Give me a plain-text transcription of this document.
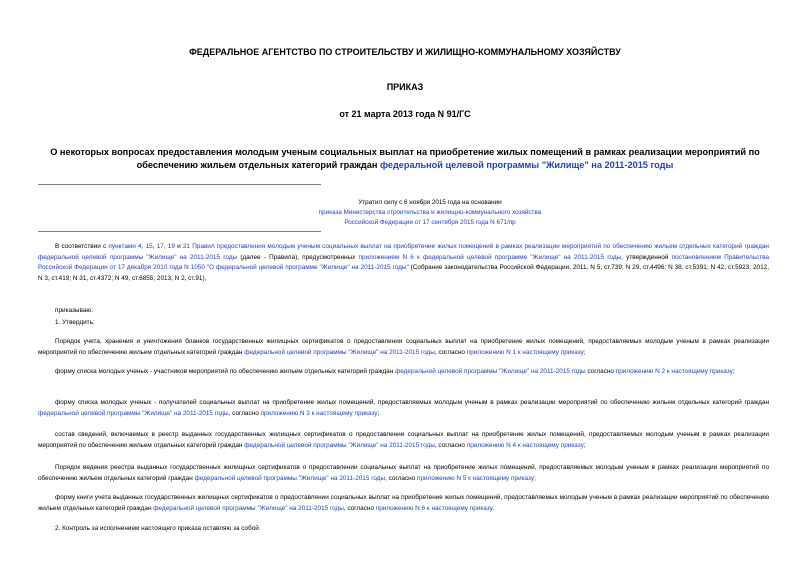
ФЕДЕРАЛЬНОЕ АГЕНТСТВО ПО СТРОИТЕЛЬСТВУ И ЖИЛИЩНО-КОММУНАЛЬНОМУ ХОЗЯЙСТВУ
ПРИКАЗ
от 21 марта 2013 года N 91/ГС
О некоторых вопросах предоставления молодым ученым социальных выплат на приобретение жилых помещений в рамках реализации мероприятий по обеспечению жильем отдельных категорий граждан федеральной целевой программы "Жилище" на 2011-2015 годы
Утратил силу с 6 ноября 2015 года на основании
приказа Министерства строительства и жилищно-коммунального хозяйства
Российской Федерации от 17 сентября 2015 года N 671/пр
В соответствии с пунктами 4, 15, 17, 19 и 21 Правил предоставления молодым ученым социальных выплат на приобретение жилых помещений в рамках реализации мероприятий по обеспечению жильем отдельных категорий граждан федеральной целевой программы "Жилище" на 2011-2015 годы (далее - Правила), предусмотренных приложением N 6 к федеральной целевой программе "Жилище" на 2011-2015 годы, утвержденной постановлением Правительства Российской Федерации от 17 декабря 2010 года N 1050 "О федеральной целевой программе "Жилище" на 2011-2015 годы" (Собрание законодательства Российской Федерации, 2011, N 5, ст.739; N 29, ст.4496; N 38, ст.5391; N 42, ст.5923; 2012, N 3, ст.419; N 31, ст.4372; N 49, ст.6855; 2013, N 2, ст.91),
приказываю:
1. Утвердить:
Порядок учета, хранения и уничтожения бланков государственных жилищных сертификатов о предоставлении социальных выплат на приобретение жилых помещений, предоставляемых молодым ученым в рамках реализации мероприятий по обеспечению жильем отдельных категорий граждан федеральной целевой программы "Жилище" на 2011-2015 годы, согласно приложению N 1 к настоящему приказу;
форму списка молодых ученых - участников мероприятий по обеспечению жильем отдельных категорий граждан федеральной целевой программы "Жилище" на 2011-2015 годы согласно приложению N 2 к настоящему приказу;
форму списка молодых ученых - получателей социальных выплат на приобретение жилых помещений, предоставляемых молодым ученым в рамках реализации мероприятий по обеспечению жильем отдельных категорий граждан федеральной целевой программы "Жилище" на 2011-2015 годы, согласно приложению N 3 к настоящему приказу;
состав сведений, включаемых в реестр выданных государственных жилищных сертификатов о предоставлении социальных выплат на приобретение жилых помещений, предоставляемых молодым ученым в рамках реализации мероприятий по обеспечению жильем отдельных категорий граждан федеральной целевой программы "Жилище" на 2011-2015 годы, согласно приложению N 4 к настоящему приказу;
Порядок ведения реестра выданных государственных жилищных сертификатов о предоставлении социальных выплат на приобретение жилых помещений, предоставляемых молодым ученым в рамках реализации мероприятий по обеспечению жильем отдельных категорий граждан федеральной целевой программы "Жилище" на 2011-2015 годы, согласно приложению N 5 к настоящему приказу;
форму книги учета выданных государственных жилищных сертификатов о предоставлении социальных выплат на приобретение жилых помещений, предоставляемых молодым ученым в рамках реализации мероприятий по обеспечению жильем отдельных категорий граждан федеральной целевой программы "Жилище" на 2011-2015 годы, согласно приложению N 6 к настоящему приказу.
2. Контроль за исполнением настоящего приказа оставляю за собой.
